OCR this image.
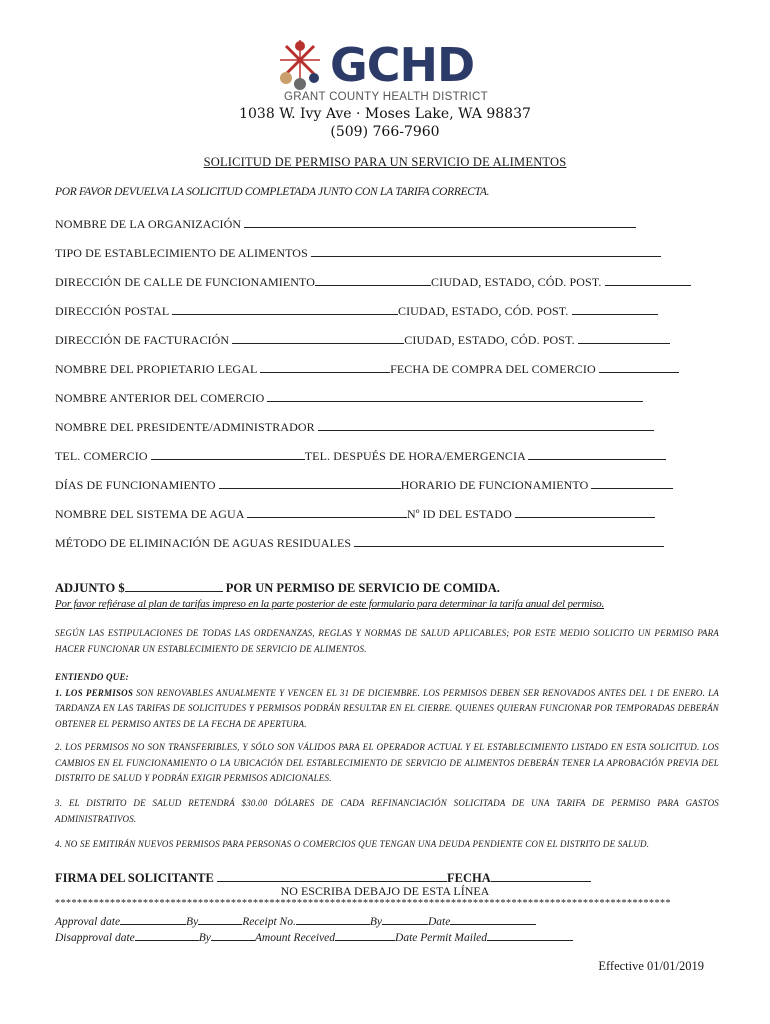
GCHD
GRANT COUNTY HEALTH DISTRICT
1038 W. Ivy Ave · Moses Lake, WA 98837
(509) 766-7960
SOLICITUD DE PERMISO PARA UN SERVICIO DE ALIMENTOS
POR FAVOR DEVUELVA LA SOLICITUD COMPLETADA JUNTO CON LA TARIFA CORRECTA.
NOMBRE DE LA ORGANIZACIÓN
TIPO DE ESTABLECIMIENTO DE ALIMENTOS
DIRECCIÓN DE CALLE DE FUNCIONAMIENTO	CIUDAD, ESTADO, CÓD. POST.
DIRECCIÓN POSTAL	CIUDAD, ESTADO, CÓD. POST.
DIRECCIÓN DE FACTURACIÓN	CIUDAD, ESTADO, CÓD. POST.
NOMBRE DEL PROPIETARIO LEGAL	FECHA DE COMPRA DEL COMERCIO
NOMBRE ANTERIOR DEL COMERCIO
NOMBRE DEL PRESIDENTE/ADMINISTRADOR
TEL. COMERCIO	TEL. DESPUÉS DE HORA/EMERGENCIA
DÍAS DE FUNCIONAMIENTO	HORARIO DE FUNCIONAMIENTO
NOMBRE DEL SISTEMA DE AGUA	Nº ID DEL ESTADO
MÉTODO DE ELIMINACIÓN DE AGUAS RESIDUALES
ADJUNTO $	POR UN PERMISO DE SERVICIO DE COMIDA.
Por favor refiérase al plan de tarifas impreso en la parte posterior de este formulario para determinar la tarifa anual del permiso.
SEGÚN LAS ESTIPULACIONES DE TODAS LAS ORDENANZAS, REGLAS Y NORMAS DE SALUD APLICABLES; POR ESTE MEDIO SOLICITO UN PERMISO PARA HACER FUNCIONAR UN ESTABLECIMIENTO DE SERVICIO DE ALIMENTOS.
ENTIENDO QUE:
1. LOS PERMISOS SON RENOVABLES ANUALMENTE Y VENCEN EL 31 DE DICIEMBRE. LOS PERMISOS DEBEN SER RENOVADOS ANTES DEL 1 DE ENERO. LA TARDANZA EN LAS TARIFAS DE SOLICITUDES Y PERMISOS PODRÁN RESULTAR EN EL CIERRE. QUIENES QUIERAN FUNCIONAR POR TEMPORADAS DEBERÁN OBTENER EL PERMISO ANTES DE LA FECHA DE APERTURA.
2. LOS PERMISOS NO SON TRANSFERIBLES, Y SÓLO SON VÁLIDOS PARA EL OPERADOR ACTUAL Y EL ESTABLECIMIENTO LISTADO EN ESTA SOLICITUD. LOS CAMBIOS EN EL FUNCIONAMIENTO O LA UBICACIÓN DEL ESTABLECIMIENTO DE SERVICIO DE ALIMENTOS DEBERÁN TENER LA APROBACIÓN PREVIA DEL DISTRITO DE SALUD Y PODRÁN EXIGIR PERMISOS ADICIONALES.
3. EL DISTRITO DE SALUD RETENDRÁ $30.00 DÓLARES DE CADA REFINANCIACIÓN SOLICITADA DE UNA TARIFA DE PERMISO PARA GASTOS ADMINISTRATIVOS.
4. NO SE EMITIRÁN NUEVOS PERMISOS PARA PERSONAS O COMERCIOS QUE TENGAN UNA DEUDA PENDIENTE CON EL DISTRITO DE SALUD.
FIRMA DEL SOLICITANTE	FECHA
NO ESCRIBA DEBAJO DE ESTA LÍNEA
****************************************************************************************************************
Approval date	By	Receipt No.	By	Date
Disapproval date	By	Amount Received	Date Permit Mailed
Effective 01/01/2019
